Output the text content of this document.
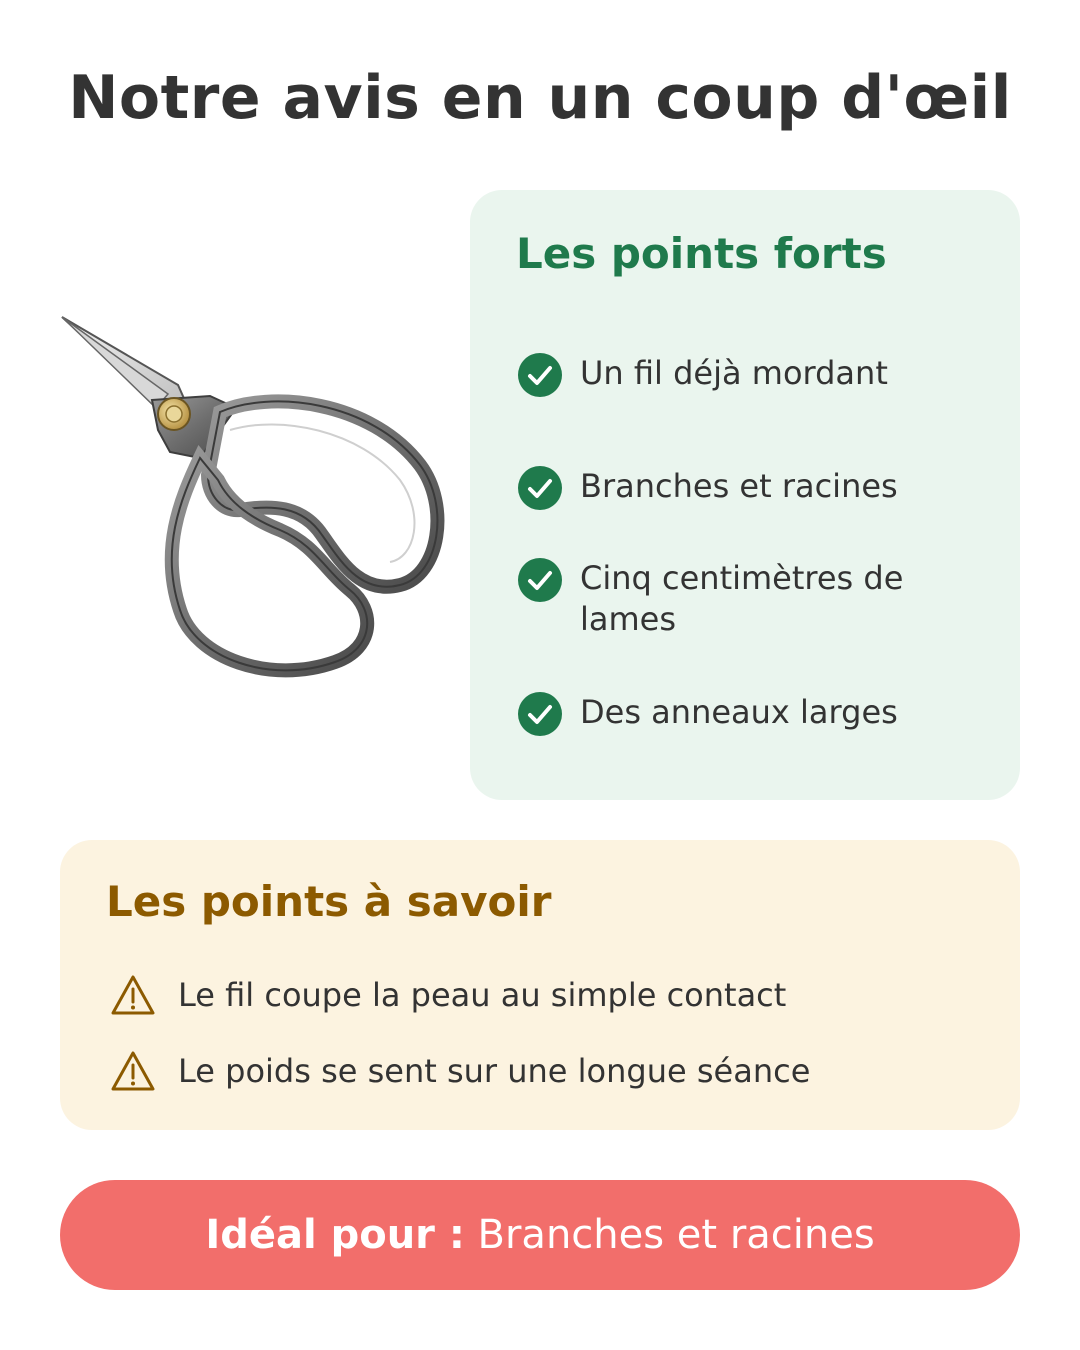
Notre avis en un coup d'œil
Les points forts
Un fil déjà mordant
Branches et racines
Cinq centimètres de lames
Des anneaux larges
Les points à savoir
Le fil coupe la peau au simple contact
Le poids se sent sur une longue séance
Idéal pour :
Branches et racines
